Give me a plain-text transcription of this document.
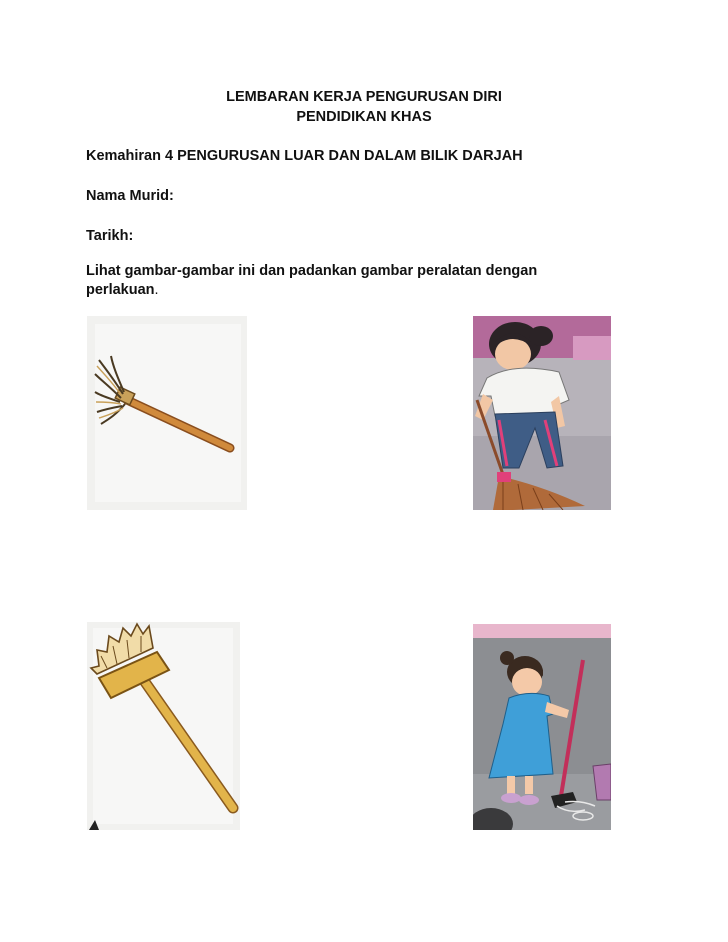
LEMBARAN KERJA PENGURUSAN DIRI
PENDIDIKAN KHAS
Kemahiran 4 PENGURUSAN LUAR DAN DALAM BILIK DARJAH
Nama Murid:
Tarikh:
Lihat gambar-gambar ini dan padankan gambar peralatan dengan
perlakuan.
